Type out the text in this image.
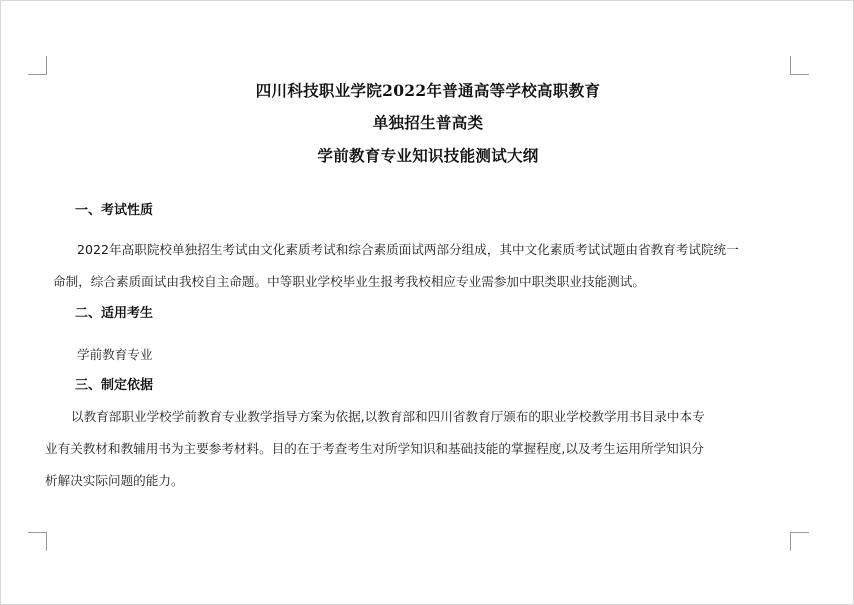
四川科技职业学院2022年普通高等学校高职教育
单独招生普高类
学前教育专业知识技能测试大纲
一、考试性质
2022年高职院校单独招生考试由文化素质考试和综合素质面试两部分组成，其中文化素质考试试题由省教育考试院统一
命制，综合素质面试由我校自主命题。中等职业学校毕业生报考我校相应专业需参加中职类职业技能测试。
二、适用考生
学前教育专业
三、制定依据
以教育部职业学校学前教育专业教学指导方案为依据,以教育部和四川省教育厅颁布的职业学校教学用书目录中本专
业有关教材和教辅用书为主要参考材料。目的在于考查考生对所学知识和基础技能的掌握程度,以及考生运用所学知识分
析解决实际问题的能力。
